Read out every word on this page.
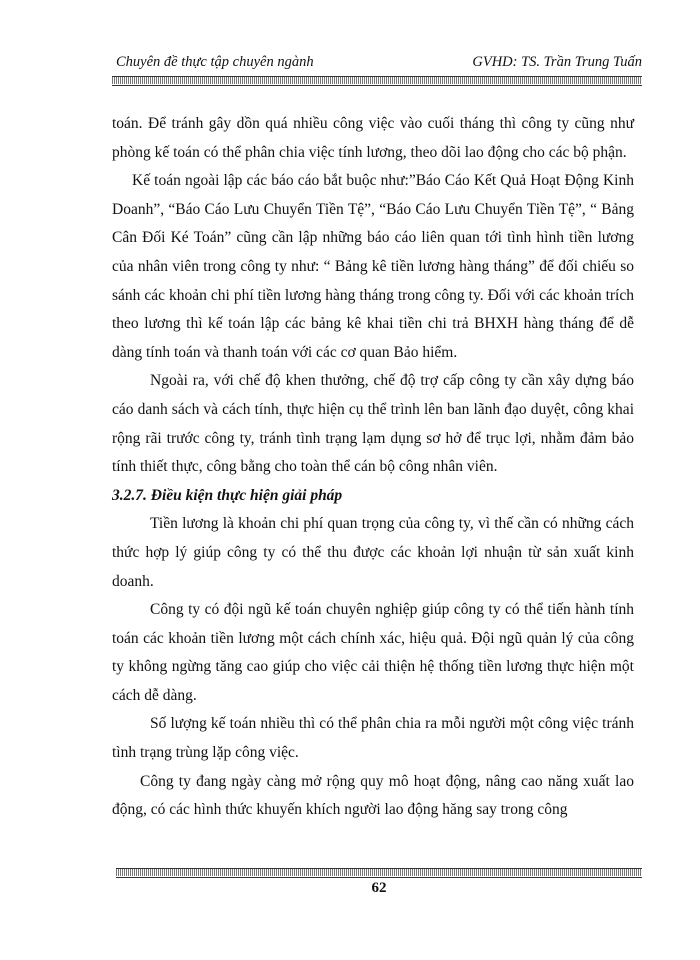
Chuyên đề thực tập chuyên ngành	GVHD: TS. Trần Trung Tuấn

toán. Để tránh gây dồn quá nhiều công việc vào cuối tháng thì công ty cũng như phòng kế toán có thể phân chia việc tính lương, theo dõi lao động cho các bộ phận.

Kế toán ngoài lập các báo cáo bắt buộc như:”Báo Cáo Kết Quả Hoạt Động Kinh Doanh”, “Báo Cáo Lưu Chuyển Tiền Tệ”, “Báo Cáo Lưu Chuyển Tiền Tệ”, “ Bảng Cân Đối Ké Toán” cũng cần lập những báo cáo liên quan tới tình hình tiền lương của nhân viên trong công ty như: “ Bảng kê tiền lương hàng tháng” để đối chiếu so sánh các khoản chi phí tiền lương hàng tháng trong công ty. Đối với các khoản trích theo lương thì kế toán lập các bảng kê khai tiền chi trả BHXH hàng tháng để dễ dàng tính toán và thanh toán với các cơ quan Bảo hiểm.

Ngoài ra, với chế độ khen thưởng, chế độ trợ cấp công ty cần xây dựng báo cáo danh sách và cách tính, thực hiện cụ thể trình lên ban lãnh đạo duyệt, công khai rộng rãi trước công ty, tránh tình trạng lạm dụng sơ hở để trục lợi, nhằm đảm bảo tính thiết thực, công bằng cho toàn thể cán bộ công nhân viên.

3.2.7. Điều kiện thực hiện giải pháp

Tiền lương là khoản chi phí quan trọng của công ty, vì thế cần có những cách thức hợp lý giúp công ty có thể thu được các khoản lợi nhuận từ sản xuất kinh doanh.

Công ty có đội ngũ kế toán chuyên nghiệp giúp công ty có thể tiến hành tính toán các khoản tiền lương một cách chính xác, hiệu quả. Đội ngũ quản lý của công ty không ngừng tăng cao giúp cho việc cải thiện hệ thống tiền lương thực hiện một cách dễ dàng.

Số lượng kế toán nhiều thì có thể phân chia ra mỗi người một công việc tránh tình trạng trùng lặp công việc.

Công ty đang ngày càng mở rộng quy mô hoạt động, nâng cao năng xuất lao động, có các hình thức khuyến khích người lao động hăng say trong công

62
